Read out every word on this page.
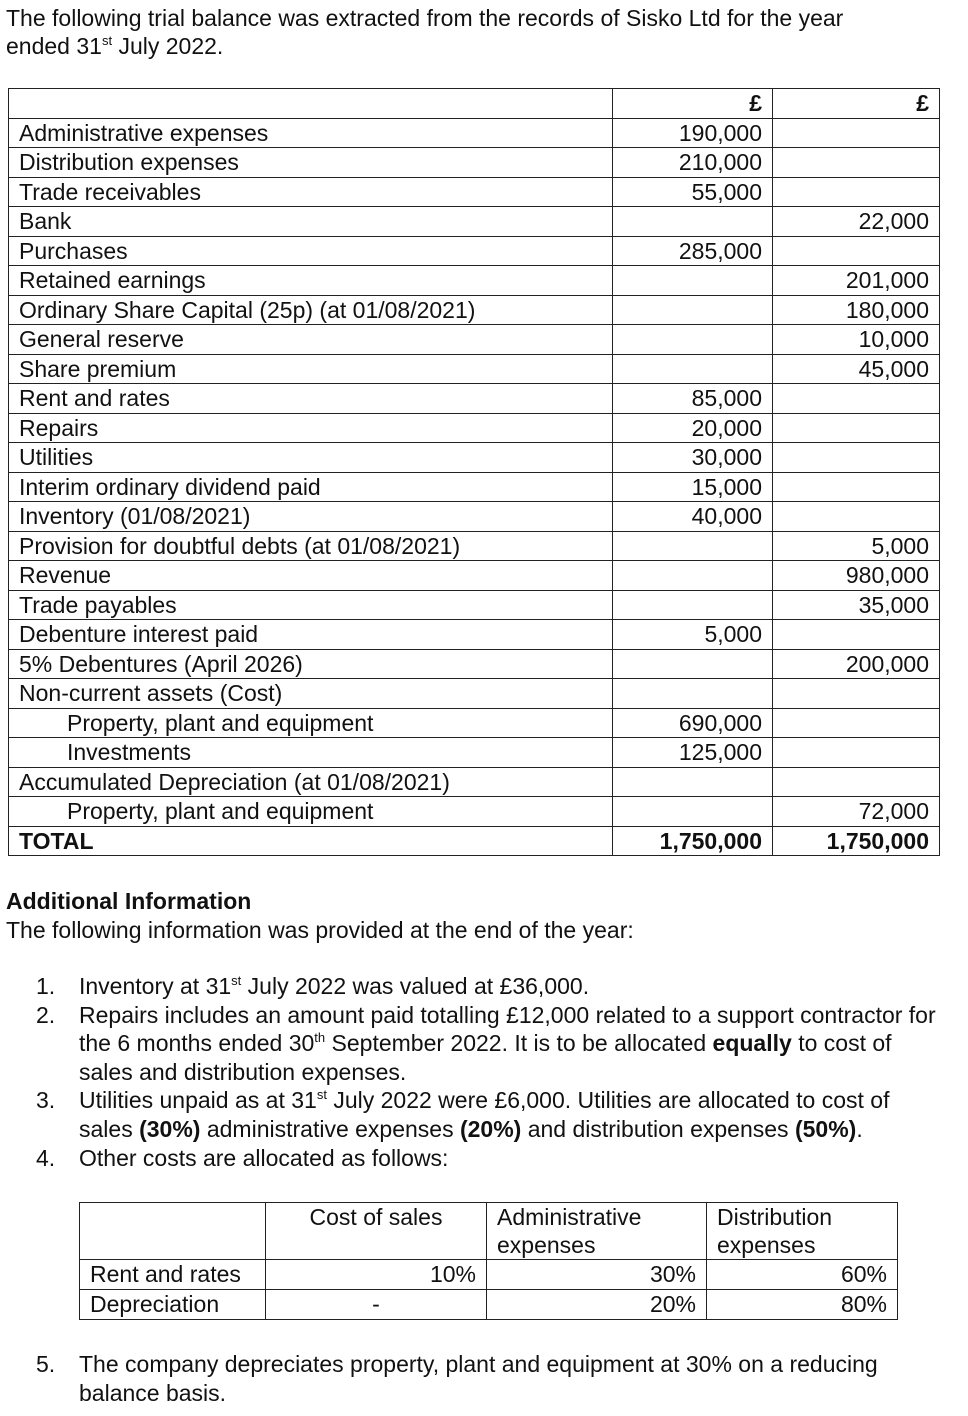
The following trial balance was extracted from the records of Sisko Ltd for the year
ended 31st July 2022.
	£	£
Administrative expenses	190,000	
Distribution expenses	210,000	
Trade receivables	55,000	
Bank		22,000
Purchases	285,000	
Retained earnings		201,000
Ordinary Share Capital (25p) (at 01/08/2021)		180,000
General reserve		10,000
Share premium		45,000
Rent and rates	85,000	
Repairs	20,000	
Utilities	30,000	
Interim ordinary dividend paid	15,000	
Inventory (01/08/2021)	40,000	
Provision for doubtful debts (at 01/08/2021)		5,000
Revenue		980,000
Trade payables		35,000
Debenture interest paid	5,000	
5% Debentures (April 2026)		200,000
Non-current assets (Cost)		
Property, plant and equipment	690,000	
Investments	125,000	
Accumulated Depreciation (at 01/08/2021)		
Property, plant and equipment		72,000
TOTAL	1,750,000	1,750,000
Additional Information
The following information was provided at the end of the year:
1. Inventory at 31st July 2022 was valued at £36,000.
2. Repairs includes an amount paid totalling £12,000 related to a support contractor for the 6 months ended 30th September 2022. It is to be allocated equally to cost of sales and distribution expenses.
3. Utilities unpaid as at 31st July 2022 were £6,000. Utilities are allocated to cost of sales (30%) administrative expenses (20%) and distribution expenses (50%).
4. Other costs are allocated as follows:
5. The company depreciates property, plant and equipment at 30% on a reducing balance basis.
	Cost of sales	Administrative expenses	Distribution expenses
Rent and rates	10%	30%	60%
Depreciation	-	20%	80%
